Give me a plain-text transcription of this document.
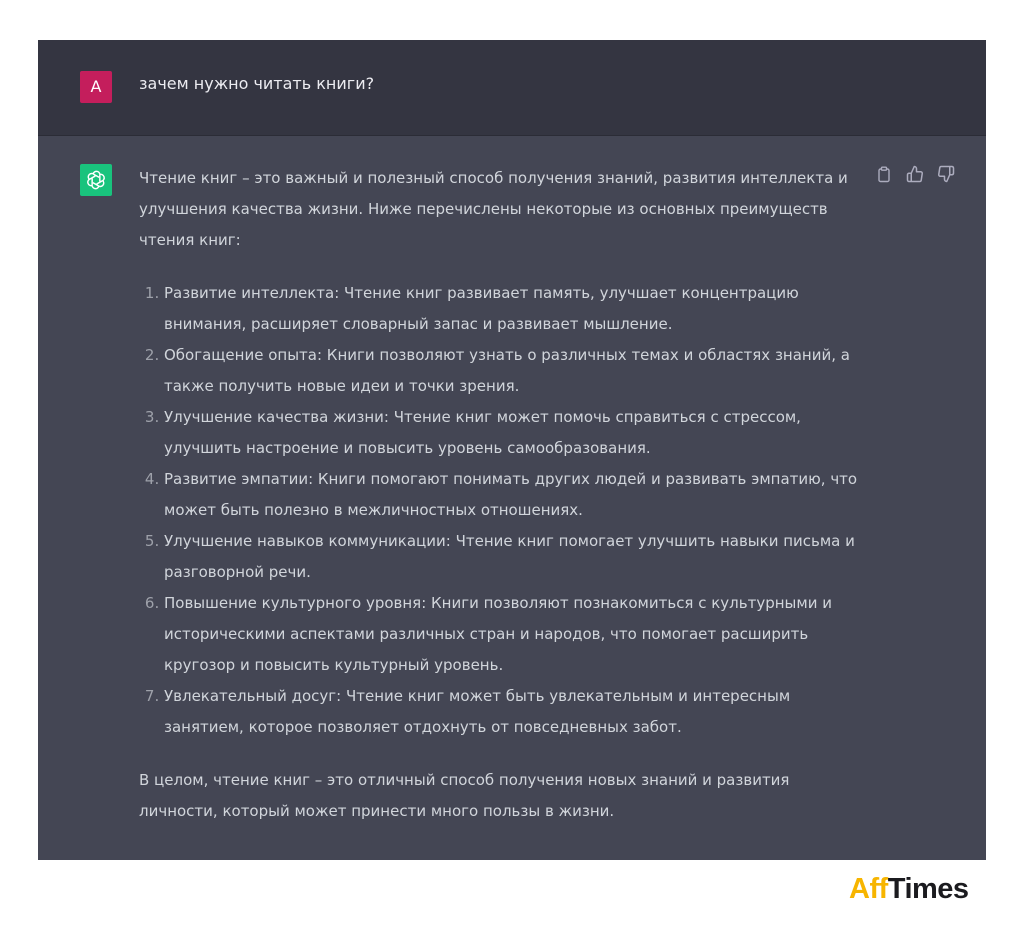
A	зачем нужно читать книги?

Чтение книг – это важный и полезный способ получения знаний, развития интеллекта и улучшения качества жизни. Ниже перечислены некоторые из основных преимуществ чтения книг:

1. Развитие интеллекта: Чтение книг развивает память, улучшает концентрацию внимания, расширяет словарный запас и развивает мышление.
2. Обогащение опыта: Книги позволяют узнать о различных темах и областях знаний, а также получить новые идеи и точки зрения.
3. Улучшение качества жизни: Чтение книг может помочь справиться с стрессом, улучшить настроение и повысить уровень самообразования.
4. Развитие эмпатии: Книги помогают понимать других людей и развивать эмпатию, что может быть полезно в межличностных отношениях.
5. Улучшение навыков коммуникации: Чтение книг помогает улучшить навыки письма и разговорной речи.
6. Повышение культурного уровня: Книги позволяют познакомиться с культурными и историческими аспектами различных стран и народов, что помогает расширить кругозор и повысить культурный уровень.
7. Увлекательный досуг: Чтение книг может быть увлекательным и интересным занятием, которое позволяет отдохнуть от повседневных забот.

В целом, чтение книг – это отличный способ получения новых знаний и развития личности, который может принести много пользы в жизни.

AffTimes
